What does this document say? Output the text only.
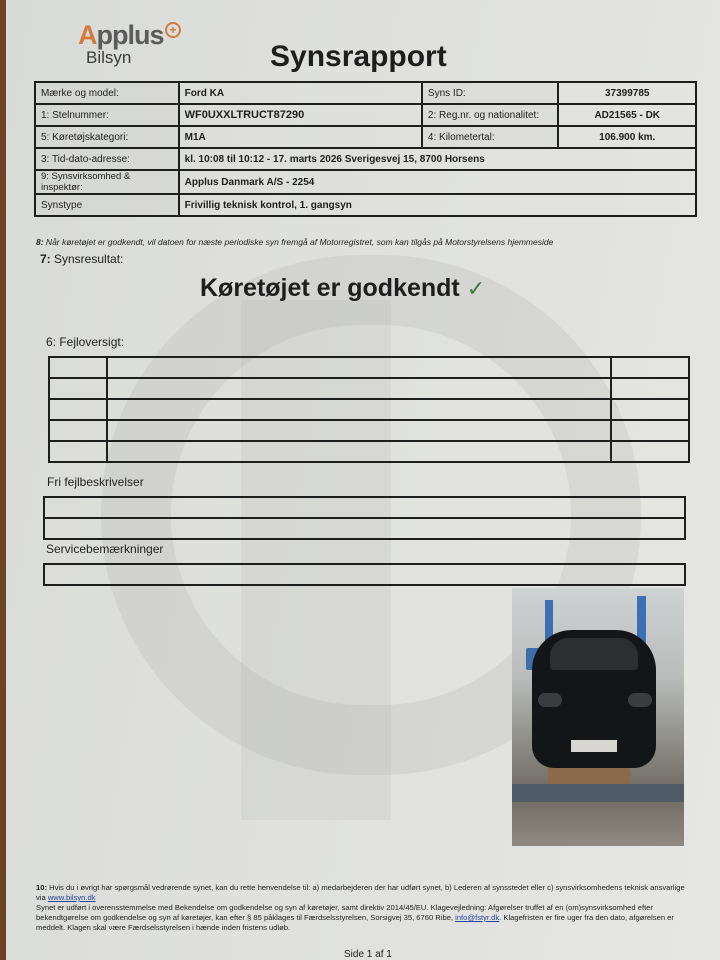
Applus +
Bilsyn	Synsrapport
Mærke og model:	Ford KA	Syns ID:	37399785
1: Stelnummer:	WF0UXXLTRUCT87290	2: Reg.nr. og nationalitet:	AD21565 - DK
5: Køretøjskategori:	M1A	4: Kilometertal:	106.900 km.
3: Tid-dato-adresse:	kl. 10:08 til 10:12 - 17. marts 2026 Sverigesvej 15, 8700 Horsens		
9: Synsvirksomhed & inspektør:	Applus Danmark A/S - 2254		
Synstype	Frivillig teknisk kontrol, 1. gangsyn		
8: Når køretøjet er godkendt, vil datoen for næste periodiske syn fremgå af Motorregistret, som kan tilgås på Motorstyrelsens hjemmeside
7: Synsresultat:
Køretøjet er godkendt ✓
6: Fejloversigt:

Fri fejlbeskrivelser
Servicebemærkninger
10: Hvis du i øvrigt har spørgsmål vedrørende synet, kan du rette henvendelse til: a) medarbejderen der har udført synet, b) Lederen af synsstedet eller c) synsvirksomhedens teknisk ansvarlige via www.bilsyn.dk
Synet er udført i overensstemmelse med Bekendelse om godkendelse og syn af køretøjer, samt direktiv 2014/45/EU. Klagevejledning: Afgørelser truffet af en (om)synsvirksomhed efter bekendtgørelse om godkendelse og syn af køretøjer, kan efter § 85 påklages til Færdselsstyrelsen, Sorsigvej 35, 6760 Ribe, info@fstyr.dk. Klagefristen er fire uger fra den dato, afgørelsen er meddelt. Klagen skal være Færdselsstyrelsen i hænde inden fristens udløb.
Side 1 af 1
